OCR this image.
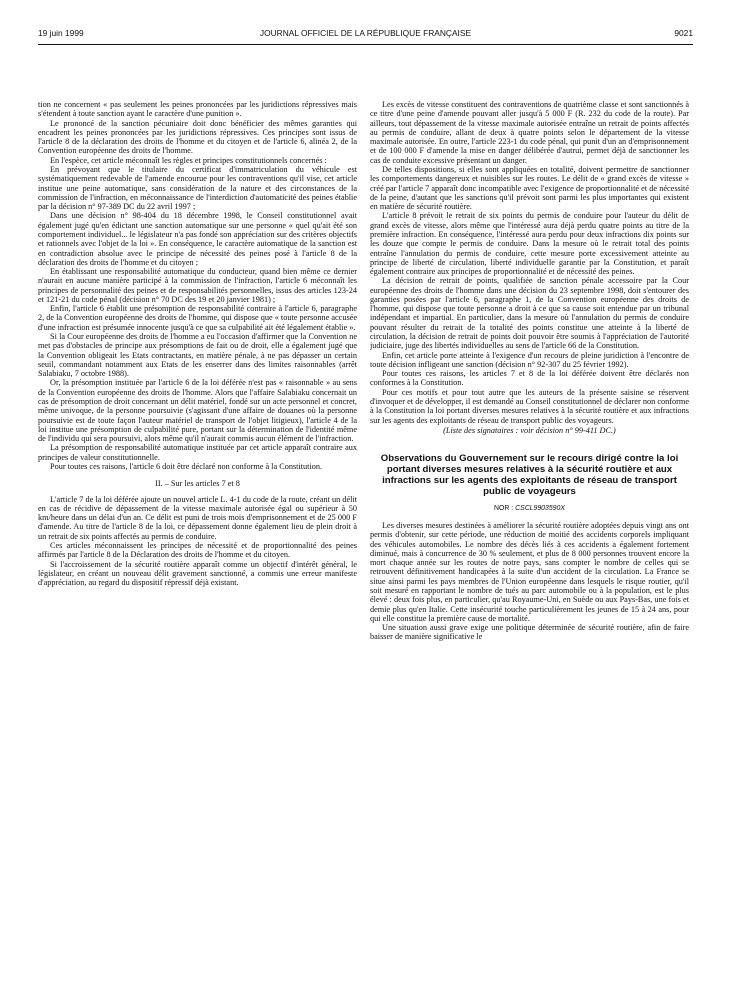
19 juin 1999	JOURNAL OFFICIEL DE LA RÉPUBLIQUE FRANÇAISE	9021

tion ne concernent « pas seulement les peines prononcées par les juridictions répressives mais s'étendent à toute sanction ayant le caractère d'une punition ».

Le prononcé de la sanction pécuniaire doit donc bénéficier des mêmes garanties qui encadrent les peines prononcées par les juridictions répressives. Ces principes sont issus de l'article 8 de la déclaration des droits de l'homme et du citoyen et de l'article 6, alinéa 2, de la Convention européenne des droits de l'homme.

En l'espèce, cet article méconnaît les règles et principes constitutionnels concernés :

En prévoyant que le titulaire du certificat d'immatriculation du véhicule est systématiquement redevable de l'amende encourue pour les contraventions qu'il vise, cet article institue une peine automatique, sans considération de la nature et des circonstances de la commission de l'infraction, en méconnaissance de l'interdiction d'automaticité des peines établie par la décision n° 97-389 DC du 22 avril 1997 ;

Dans une décision n° 98-404 du 18 décembre 1998, le Conseil constitutionnel avait également jugé qu'en édictant une sanction automatique sur une personne « quel qu'ait été son comportement individuel... le législateur n'a pas fondé son appréciation sur des critères objectifs et rationnels avec l'objet de la loi ». En conséquence, le caractère automatique de la sanction est en contradiction absolue avec le principe de nécessité des peines posé à l'article 8 de la déclaration des droits de l'homme et du citoyen ;

En établissant une responsabilité automatique du conducteur, quand bien même ce dernier n'aurait en aucune manière participé à la commission de l'infraction, l'article 6 méconnaît les principes de personnalité des peines et de responsabilités personnelles, issus des articles 123-24 et 121-21 du code pénal (décision n° 70 DC des 19 et 20 janvier 1981) ;

Enfin, l'article 6 établit une présomption de responsabilité contraire à l'article 6, paragraphe 2, de la Convention européenne des droits de l'homme, qui dispose que « toute personne accusée d'une infraction est présumée innocente jusqu'à ce que sa culpabilité ait été légalement établie ».

Si la Cour européenne des droits de l'homme a eu l'occasion d'affirmer que la Convention ne met pas d'obstacles de principe aux présomptions de fait ou de droit, elle a également jugé que la Convention obligeait les Etats contractants, en matière pénale, à ne pas dépasser un certain seuil, commandant notamment aux Etats de les enserrer dans des limites raisonnables (arrêt Salabiaku, 7 octobre 1988).

Or, la présomption instituée par l'article 6 de la loi déférée n'est pas « raisonnable » au sens de la Convention européenne des droits de l'homme. Alors que l'affaire Salabiaku concernait un cas de présomption de droit concernant un délit matériel, fondé sur un acte personnel et concret, même univoque, de la personne poursuivie (s'agissant d'une affaire de douanes où la personne poursuivie est de toute façon l'auteur matériel de transport de l'objet litigieux), l'article 4 de la loi institue une présomption de culpabilité pure, portant sur la détermination de l'identité même de l'individu qui sera poursuivi, alors même qu'il n'aurait commis aucun élément de l'infraction.

La présomption de responsabilité automatique instituée par cet article apparaît contraire aux principes de valeur constitutionnelle.

Pour toutes ces raisons, l'article 6 doit être déclaré non conforme à la Constitution.

II. – Sur les articles 7 et 8

L'article 7 de la loi déférée ajoute un nouvel article L. 4-1 du code de la route, créant un délit en cas de récidive de dépassement de la vitesse maximale autorisée égal ou supérieur à 50 km/heure dans un délai d'un an. Ce délit est puni de trois mois d'emprisonnement et de 25 000 F d'amende. Au titre de l'article 8 de la loi, ce dépassement donne également lieu de plein droit à un retrait de six points affectés au permis de conduire.

Ces articles méconnaissent les principes de nécessité et de proportionnalité des peines affirmés par l'article 8 de la Déclaration des droits de l'homme et du citoyen.

Si l'accroissement de la sécurité routière apparaît comme un objectif d'intérêt général, le législateur, en créant un nouveau délit gravement sanctionné, a commis une erreur manifeste d'appréciation, au regard du dispositif répressif déjà existant.

Les excès de vitesse constituent des contraventions de quatrième classe et sont sanctionnés à ce titre d'une peine d'amende pouvant aller jusqu'à 5 000 F (R. 232 du code de la route). Par ailleurs, tout dépassement de la vitesse maximale autorisée entraîne un retrait de points affectés au permis de conduire, allant de deux à quatre points selon le département de la vitesse maximale autorisée. En outre, l'article 223-1 du code pénal, qui punit d'un an d'emprisonnement et de 100 000 F d'amende la mise en danger délibérée d'autrui, permet déjà de sanctionner les cas de conduite excessive présentant un danger.

De telles dispositions, si elles sont appliquées en totalité, doivent permettre de sanctionner les comportements dangereux et nuisibles sur les routes. Le délit de « grand excès de vitesse » créé par l'article 7 apparaît donc incompatible avec l'exigence de proportionnalité et de nécessité de la peine, d'autant que les sanctions qu'il prévoit sont parmi les plus importantes qui existent en matière de sécurité routière.

L'article 8 prévoit le retrait de six points du permis de conduire pour l'auteur du délit de grand excès de vitesse, alors même que l'intéressé aura déjà perdu quatre points au titre de la première infraction. En conséquence, l'intéressé aura perdu pour deux infractions dix points sur les douze que compte le permis de conduire. Dans la mesure où le retrait total des points entraîne l'annulation du permis de conduire, cette mesure porte excessivement atteinte au principe de liberté de circulation, liberté individuelle garantie par la Constitution, et paraît également contraire aux principes de proportionnalité et de nécessité des peines.

La décision de retrait de points, qualifiée de sanction pénale accessoire par la Cour européenne des droits de l'homme dans une décision du 23 septembre 1998, doit s'entourer des garanties posées par l'article 6, paragraphe 1, de la Convention européenne des droits de l'homme, qui dispose que toute personne a droit à ce que sa cause soit entendue par un tribunal indépendant et impartial. En particulier, dans la mesure où l'annulation du permis de conduire pouvant résulter du retrait de la totalité des points constitue une atteinte à la liberté de circulation, la décision de retrait de points doit pouvoir être soumis à l'appréciation de l'autorité judiciaire, juge des libertés individuelles au sens de l'article 66 de la Constitution.

Enfin, cet article porte atteinte à l'exigence d'un recours de pleine juridiction à l'encontre de toute décision infligeant une sanction (décision n° 92-307 du 25 février 1992).

Pour toutes ces raisons, les articles 7 et 8 de la loi déférée doivent être déclarés non conformes à la Constitution.

Pour ces motifs et pour tout autre que les auteurs de la présente saisine se réservent d'invoquer et de développer, il est demandé au Conseil constitutionnel de déclarer non conforme à la Constitution la loi portant diverses mesures relatives à la sécurité routière et aux infractions sur les agents des exploitants de réseau de transport public des voyageurs.

(Liste des signataires : voir décision n° 99-411 DC.)

Observations du Gouvernement sur le recours dirigé contre la loi portant diverses mesures relatives à la sécurité routière et aux infractions sur les agents des exploitants de réseau de transport public de voyageurs

NOR : CSCL9903590X

Les diverses mesures destinées à améliorer la sécurité routière adoptées depuis vingt ans ont permis d'obtenir, sur cette période, une réduction de moitié des accidents corporels impliquant des véhicules automobiles. Le nombre des décès liés à ces accidents a également fortement diminué, mais à concurrence de 30 % seulement, et plus de 8 000 personnes trouvent encore la mort chaque année sur les routes de notre pays, sans compter le nombre de celles qui se retrouvent définitivement handicapées à la suite d'un accident de la circulation. La France se situe ainsi parmi les pays membres de l'Union européenne dans lesquels le risque routier, qu'il soit mesuré en rapportant le nombre de tués au parc automobile ou à la population, est le plus élevé : deux fois plus, en particulier, qu'au Royaume-Uni, en Suède ou aux Pays-Bas, une fois et demie plus qu'en Italie. Cette insécurité touche particulièrement les jeunes de 15 à 24 ans, pour qui elle constitue la première cause de mortalité.

Une situation aussi grave exige une politique déterminée de sécurité routière, afin de faire baisser de manière significative le
